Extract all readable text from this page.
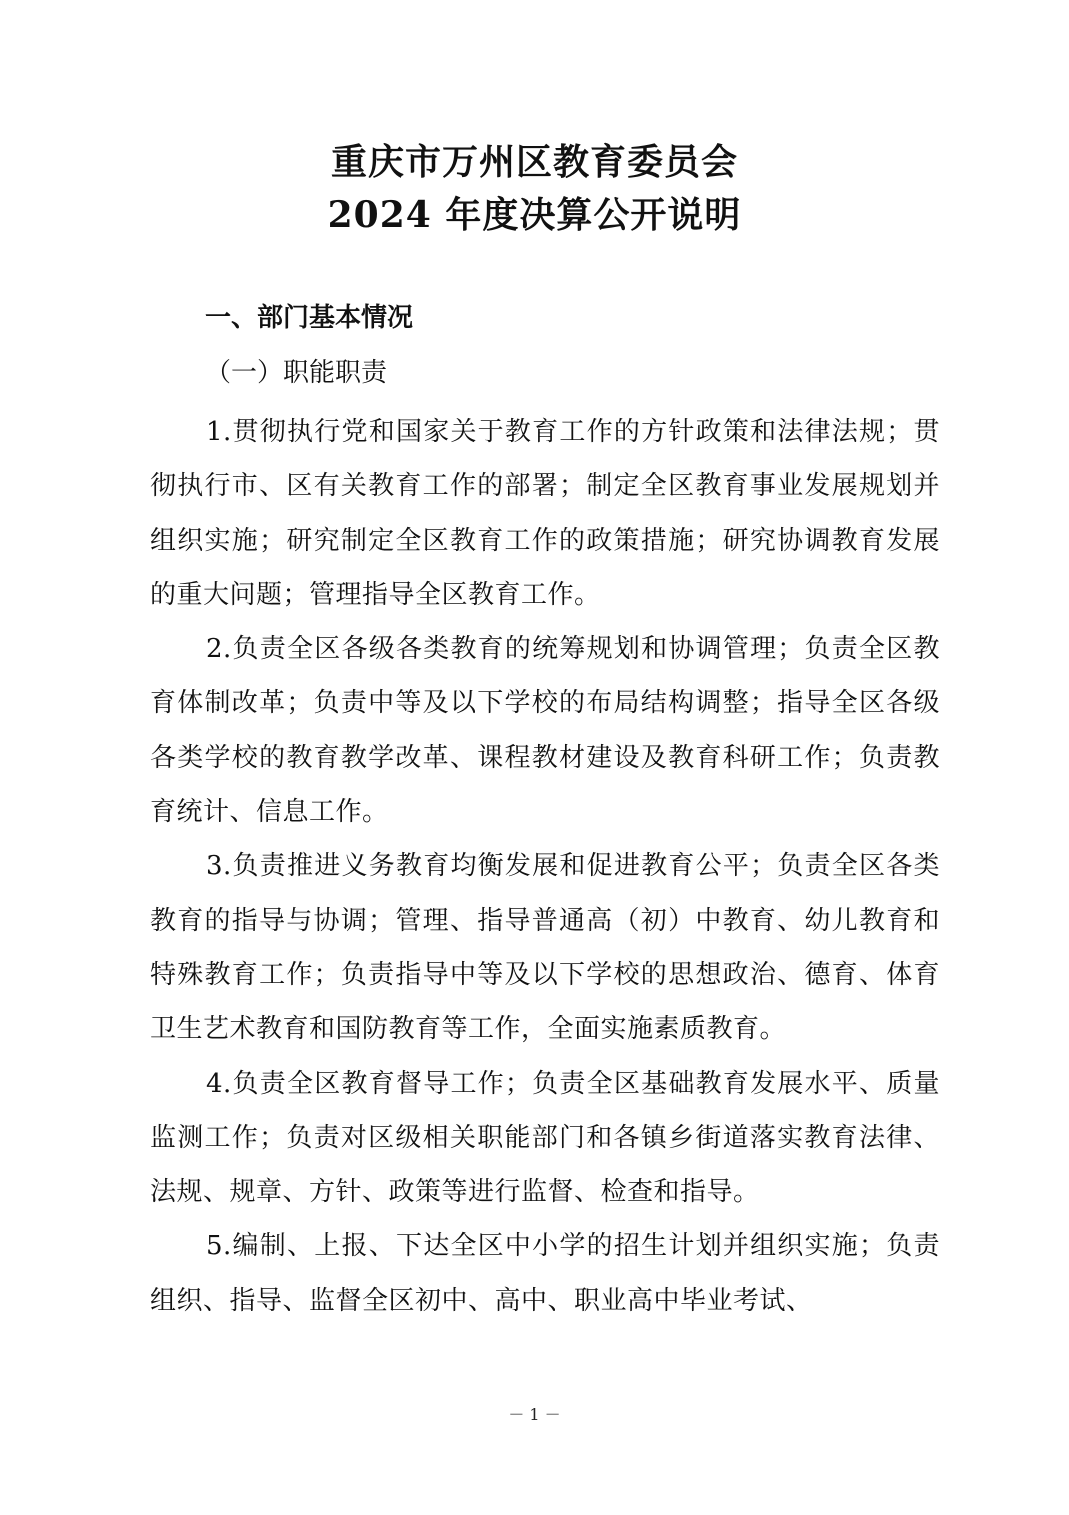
重庆市万州区教育委员会
2024 年度决算公开说明
一、部门基本情况
（一）职能职责

1.贯彻执行党和国家关于教育工作的方针政策和法律法规；贯彻执行市、区有关教育工作的部署；制定全区教育事业发展规划并组织实施；研究制定全区教育工作的政策措施；研究协调教育发展的重大问题；管理指导全区教育工作。

2.负责全区各级各类教育的统筹规划和协调管理；负责全区教育体制改革；负责中等及以下学校的布局结构调整；指导全区各级各类学校的教育教学改革、课程教材建设及教育科研工作；负责教育统计、信息工作。

3.负责推进义务教育均衡发展和促进教育公平；负责全区各类教育的指导与协调；管理、指导普通高（初）中教育、幼儿教育和特殊教育工作；负责指导中等及以下学校的思想政治、德育、体育卫生艺术教育和国防教育等工作，全面实施素质教育。

4.负责全区教育督导工作；负责全区基础教育发展水平、质量监测工作；负责对区级相关职能部门和各镇乡街道落实教育法律、法规、规章、方针、政策等进行监督、检查和指导。

5.编制、上报、下达全区中小学的招生计划并组织实施；负责组织、指导、监督全区初中、高中、职业高中毕业考试、

－ 1 －
